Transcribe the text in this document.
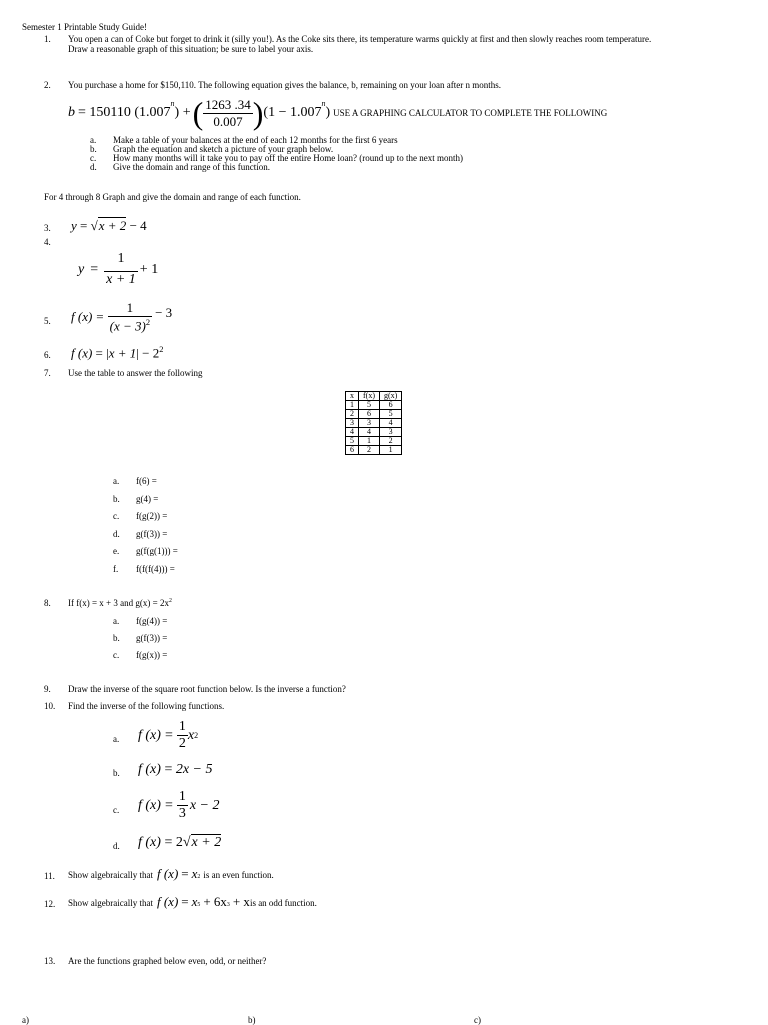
Semester 1 Printable Study Guide!
1. You open a can of Coke but forget to drink it (silly you!). As the Coke sits there, its temperature warms quickly at first and then slowly reaches room temperature.
Draw a reasonable graph of this situation; be sure to label your axis.
2. You purchase a home for $150,110. The following equation gives the balance, b, remaining on your loan after n months.
b = 150110 (1.007
$^n$
) + ( $\frac{1263 .34}{0.007}$ ) (1 − 1.007
$^n$
) USE A GRAPHING CALCULATOR TO COMPLETE THE FOLLOWING
a. Make a table of your balances at the end of each 12 months for the first 6 years
b. Graph the equation and sketch a picture of your graph below.
c. How many months will it take you to pay off the entire Home loan? (round up to the next month)
d. Give the domain and range of this function.
For 4 through 8 Graph and give the domain and range of each function.
3. y = √x + 2 − 4
4.
$y = \frac{1}{x + 1} + 1$
5. f $(x) = \frac{1}{(x - 3)^2} - 3$
6. f $(x) = |x + 1| - 2^2$
7. Use the table to answer the following
x	f(x)	g(x)
1	5	6
2	6	5
3	3	4
4	4	3
5	1	2
6	2	1
a. f(6) =
b. g(4) =
c. f(g(2)) =
d. g(f(3)) =
e. g(f(g(1))) =
f. f(f(f(4))) =
8. If f(x) = x + 3 and $g(x) = 2x^2$
a. f(g(4)) =
b. g(f(3)) =
c. f(g(x)) =
9. Draw the inverse of the square root function below. Is the inverse a function?
10. Find the inverse of the following functions.
a. f $(x) = \frac{1}{2}$ x 2
b. f (x) = 2x − 5
c. f $(x) = \frac{1}{3}$ x − 2
d. f (x) = 2√x + 2
11. Show algebraically that f $(x) = x_2$ is an even function.
12. Show algebraically that f $(x) = x_5 + 6x_3 + x$ is an odd function.
13. Are the functions graphed below even, odd, or neither?
a)	b)	c)
